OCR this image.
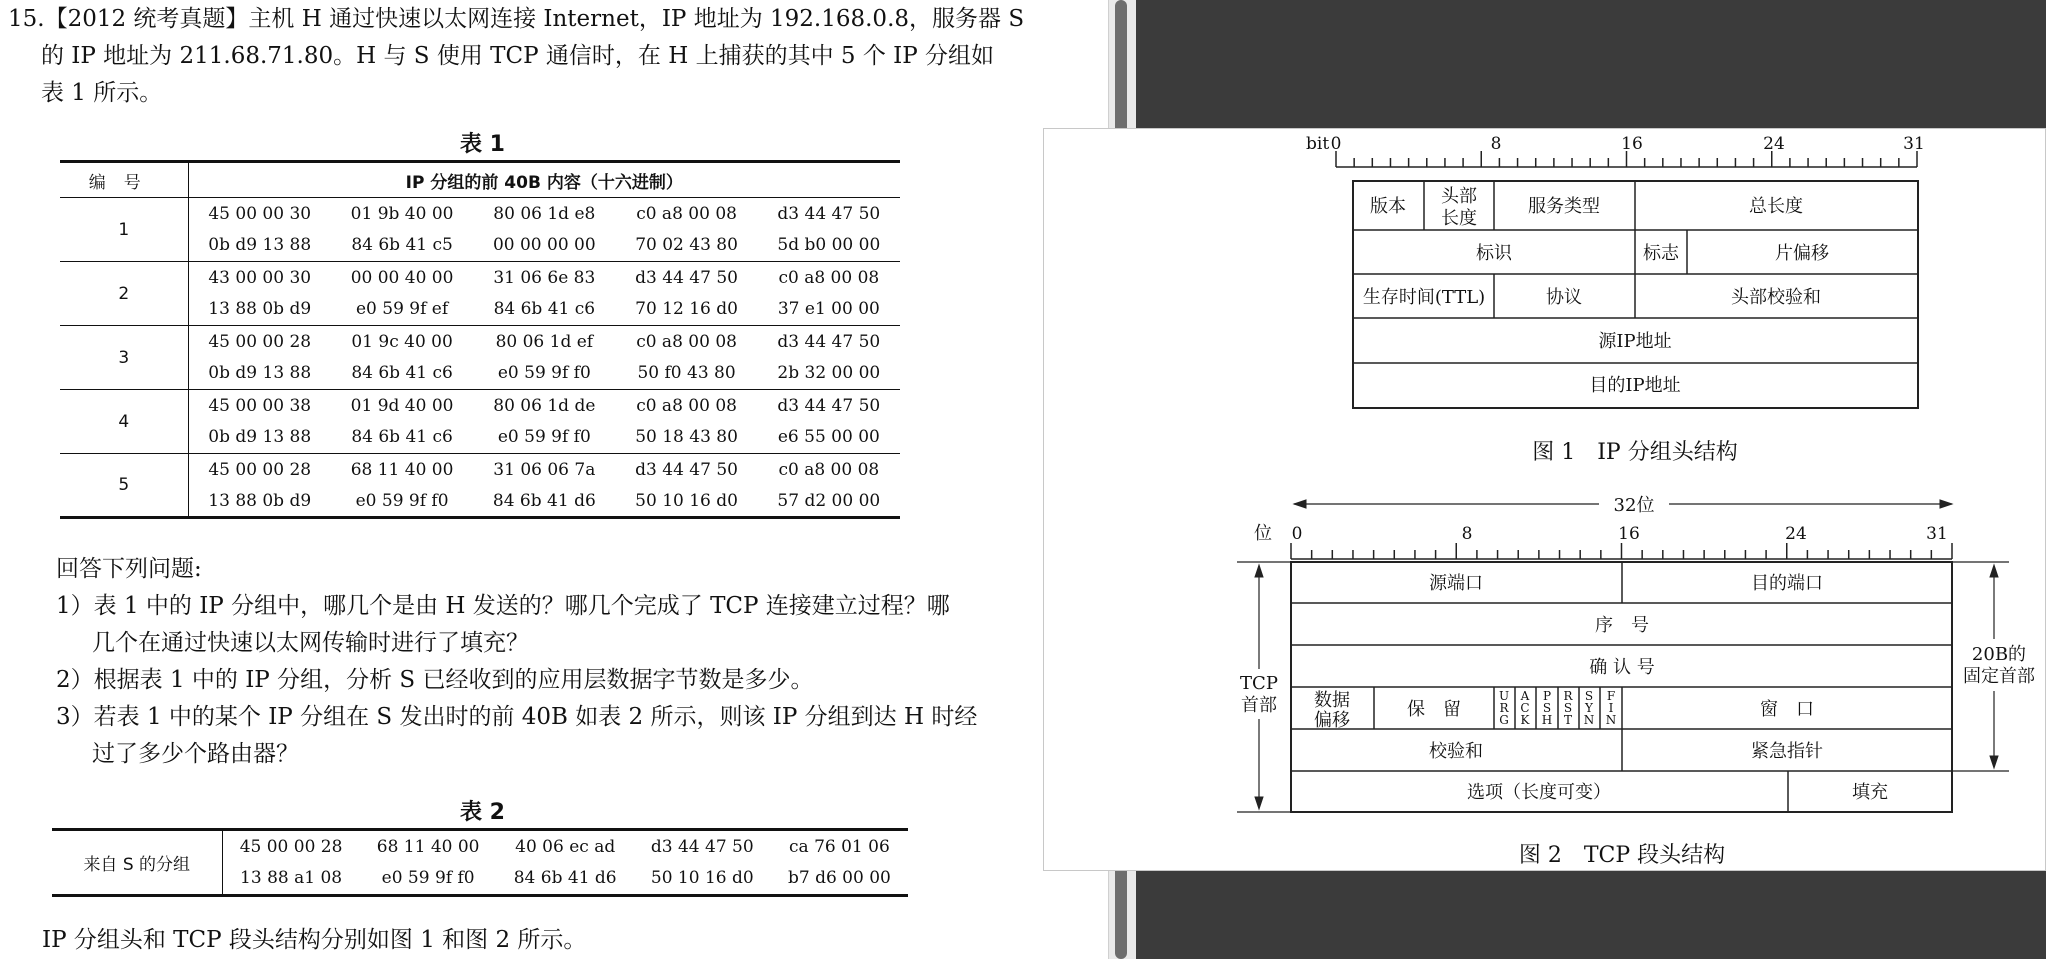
15.【2012 统考真题】主机 H 通过快速以太网连接 Internet，IP 地址为 192.168.0.8，服务器 S
的 IP 地址为 211.68.71.80。H 与 S 使用 TCP 通信时，在 H 上捕获的其中 5 个 IP 分组如
表 1 所示。
表 1
编号	IP 分组的前 40B 内容（十六进制）				
1	45 00 00 30	01 9b 40 00	80 06 1d e8	c0 a8 00 08	d3 44 47 50
	0b d9 13 88	84 6b 41 c5	00 00 00 00	70 02 43 80	5d b0 00 00
2	43 00 00 30	00 00 40 00	31 06 6e 83	d3 44 47 50	c0 a8 00 08
	13 88 0b d9	e0 59 9f ef	84 6b 41 c6	70 12 16 d0	37 e1 00 00
3	45 00 00 28	01 9c 40 00	80 06 1d ef	c0 a8 00 08	d3 44 47 50
	0b d9 13 88	84 6b 41 c6	e0 59 9f f0	50 f0 43 80	2b 32 00 00
4	45 00 00 38	01 9d 40 00	80 06 1d de	c0 a8 00 08	d3 44 47 50
	0b d9 13 88	84 6b 41 c6	e0 59 9f f0	50 18 43 80	e6 55 00 00
5	45 00 00 28	68 11 40 00	31 06 06 7a	d3 44 47 50	c0 a8 00 08
	13 88 0b d9	e0 59 9f f0	84 6b 41 d6	50 10 16 d0	57 d2 00 00
回答下列问题:
1）表 1 中的 IP 分组中，哪几个是由 H 发送的？哪几个完成了 TCP 连接建立过程？哪
几个在通过快速以太网传输时进行了填充？
2）根据表 1 中的 IP 分组，分析 S 已经收到的应用层数据字节数是多少。
3）若表 1 中的某个 IP 分组在 S 发出时的前 40B 如表 2 所示，则该 IP 分组到达 H 时经
过了多少个路由器？
表 2
来自 S 的分组	45 00 00 28	68 11 40 00	40 06 ec ad	d3 44 47 50	ca 76 01 06
	13 88 a1 08	e0 59 9f f0	84 6b 41 d6	50 10 16 d0	b7 d6 00 00
IP 分组头和 TCP 段头结构分别如图 1 和图 2 所示。
bit 0	8	16	24	31
版本 头部
长度
服务类型	总长度
标识	标志	片偏移
生存时间(TTL)	协议	头部校验和
源IP地址
目的IP地址
图 1　IP 分组头结构
32位
位 0	8	16	24	31
TCP
首部
20B的
固定首部
源端口	目的端口
序　号
确 认 号
数据
偏移
保　留	窗　口
校验和	紧急指针
选项（长度可变）	填充
U R G
A C K
P S H
R S T
S Y N
F I N
图 2　TCP 段头结构
